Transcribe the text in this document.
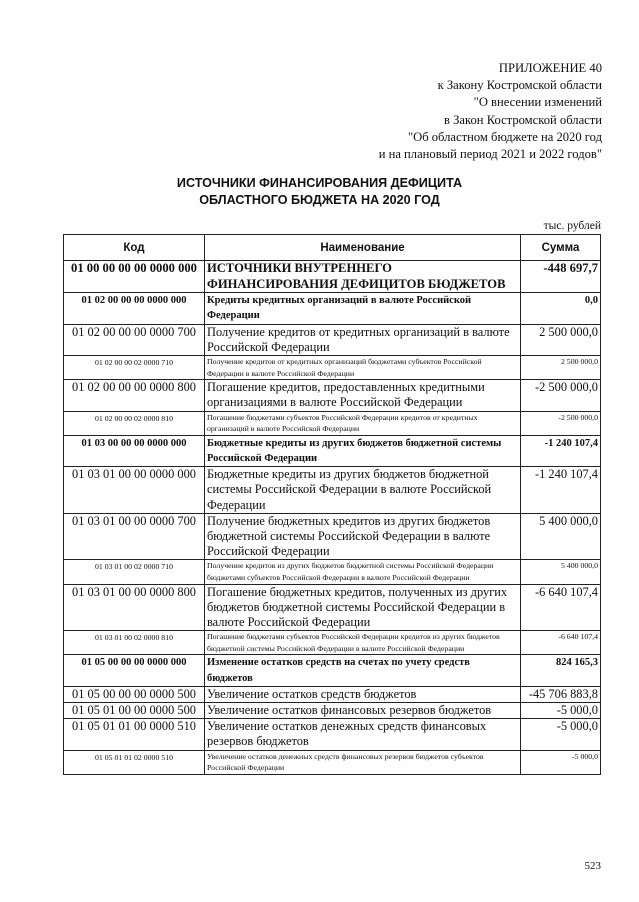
ПРИЛОЖЕНИЕ 40
к Закону Костромской области
"О внесении изменений
в Закон Костромской области
"Об областном бюджете на 2020 год
и на плановый период 2021 и 2022 годов"
ИСТОЧНИКИ ФИНАНСИРОВАНИЯ ДЕФИЦИТА
ОБЛАСТНОГО БЮДЖЕТА НА 2020 ГОД
тыс. рублей
Код	Наименование	Сумма
01 00 00 00 00 0000 000	ИСТОЧНИКИ ВНУТРЕННЕГО ФИНАНСИРОВАНИЯ ДЕФИЦИТОВ БЮДЖЕТОВ	-448 697,7
01 02 00 00 00 0000 000	Кредиты кредитных организаций в валюте Российской Федерации	0,0
01 02 00 00 00 0000 700	Получение кредитов от кредитных организаций в валюте Российской Федерации	2 500 000,0
01 02 00 00 02 0000 710	Получение кредитов от кредитных организаций бюджетами субъектов Российской Федерации в валюте Российской Федерации	2 500 000,0
01 02 00 00 00 0000 800	Погашение кредитов, предоставленных кредитными организациями в валюте Российской Федерации	-2 500 000,0
01 02 00 00 02 0000 810	Погашение бюджетами субъектов Российской Федерации кредитов от кредитных организаций в валюте Российской Федерации	-2 500 000,0
01 03 00 00 00 0000 000	Бюджетные кредиты из других бюджетов бюджетной системы Российской Федерации	-1 240 107,4
01 03 01 00 00 0000 000	Бюджетные кредиты из других бюджетов бюджетной системы Российской Федерации в валюте Российской Федерации	-1 240 107,4
01 03 01 00 00 0000 700	Получение бюджетных кредитов из других бюджетов бюджетной системы Российской Федерации в валюте Российской Федерации	5 400 000,0
01 03 01 00 02 0000 710	Получение кредитов из других бюджетов бюджетной системы Российской Федерации бюджетами субъектов Российской Федерации в валюте Российской Федерации	5 400 000,0
01 03 01 00 00 0000 800	Погашение бюджетных кредитов, полученных из других бюджетов бюджетной системы Российской Федерации в валюте Российской Федерации	-6 640 107,4
01 03 01 00 02 0000 810	Погашение бюджетами субъектов Российской Федерации кредитов из других бюджетов бюджетной системы Российской Федерации в валюте Российской Федерации	-6 640 107,4
01 05 00 00 00 0000 000	Изменение остатков средств на счетах по учету средств бюджетов	824 165,3
01 05 00 00 00 0000 500	Увеличение остатков средств бюджетов	-45 706 883,8
01 05 01 00 00 0000 500	Увеличение остатков финансовых резервов бюджетов	-5 000,0
01 05 01 01 00 0000 510	Увеличение остатков денежных средств финансовых резервов бюджетов	-5 000,0
01 05 01 01 02 0000 510	Увеличение остатков денежных средств финансовых резервов бюджетов субъектов Российской Федерации	-5 000,0
523
